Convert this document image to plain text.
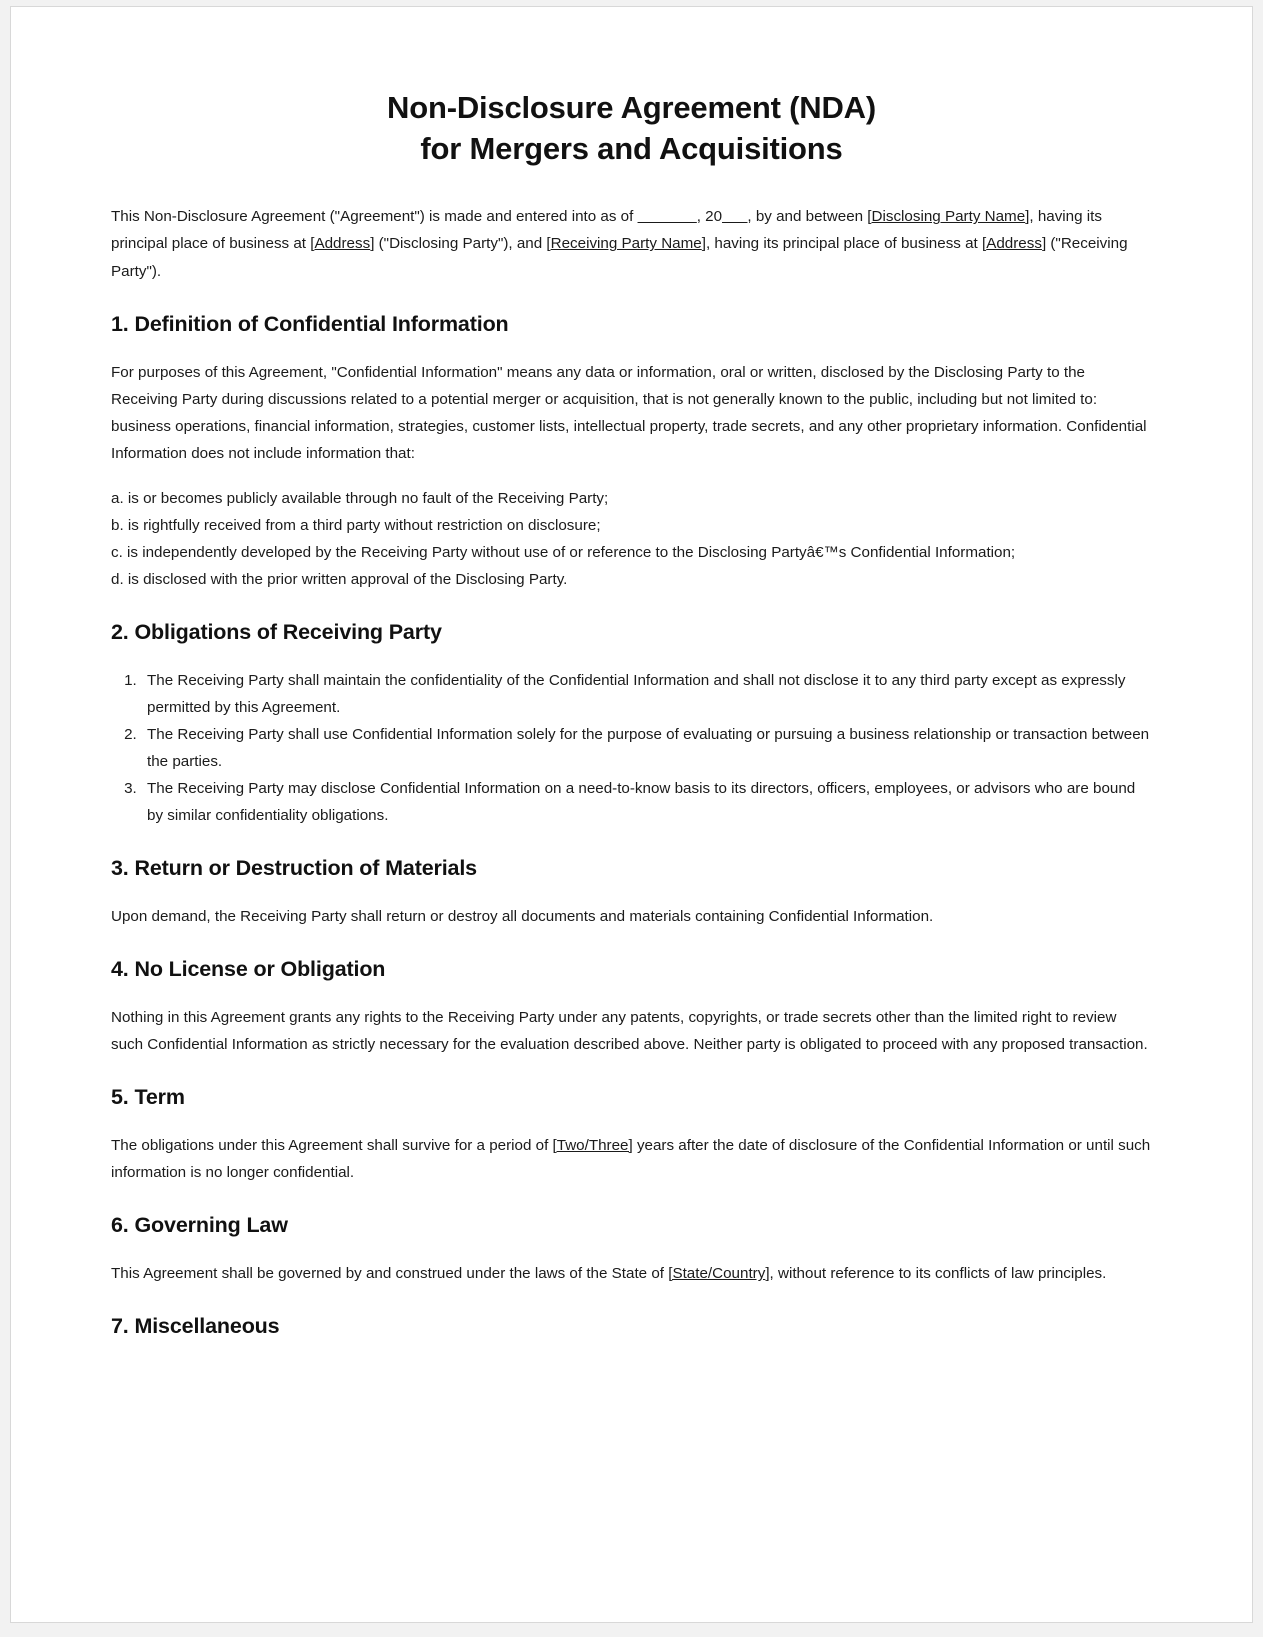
Non-Disclosure Agreement (NDA)
for Mergers and Acquisitions

This Non-Disclosure Agreement ("Agreement") is made and entered into as of _______, 20___, by and between [Disclosing Party Name], having its principal place of business at [Address] ("Disclosing Party"), and [Receiving Party Name], having its principal place of business at [Address] ("Receiving Party").

1. Definition of Confidential Information

For purposes of this Agreement, "Confidential Information" means any data or information, oral or written, disclosed by the Disclosing Party to the Receiving Party during discussions related to a potential merger or acquisition, that is not generally known to the public, including but not limited to: business operations, financial information, strategies, customer lists, intellectual property, trade secrets, and any other proprietary information. Confidential Information does not include information that:

a. is or becomes publicly available through no fault of the Receiving Party;
b. is rightfully received from a third party without restriction on disclosure;
c. is independently developed by the Receiving Party without use of or reference to the Disclosing Partyâ€™s Confidential Information;
d. is disclosed with the prior written approval of the Disclosing Party.
2. Obligations of Receiving Party
1. The Receiving Party shall maintain the confidentiality of the Confidential Information and shall not disclose it to any third party except as expressly permitted by this Agreement.
2. The Receiving Party shall use Confidential Information solely for the purpose of evaluating or pursuing a business relationship or transaction between the parties.
3. The Receiving Party may disclose Confidential Information on a need-to-know basis to its directors, officers, employees, or advisors who are bound by similar confidentiality obligations.
3. Return or Destruction of Materials

Upon demand, the Receiving Party shall return or destroy all documents and materials containing Confidential Information.

4. No License or Obligation

Nothing in this Agreement grants any rights to the Receiving Party under any patents, copyrights, or trade secrets other than the limited right to review such Confidential Information as strictly necessary for the evaluation described above. Neither party is obligated to proceed with any proposed transaction.

5. Term

The obligations under this Agreement shall survive for a period of [Two/Three] years after the date of disclosure of the Confidential Information or until such information is no longer confidential.

6. Governing Law

This Agreement shall be governed by and construed under the laws of the State of [State/Country], without reference to its conflicts of law principles.

7. Miscellaneous
